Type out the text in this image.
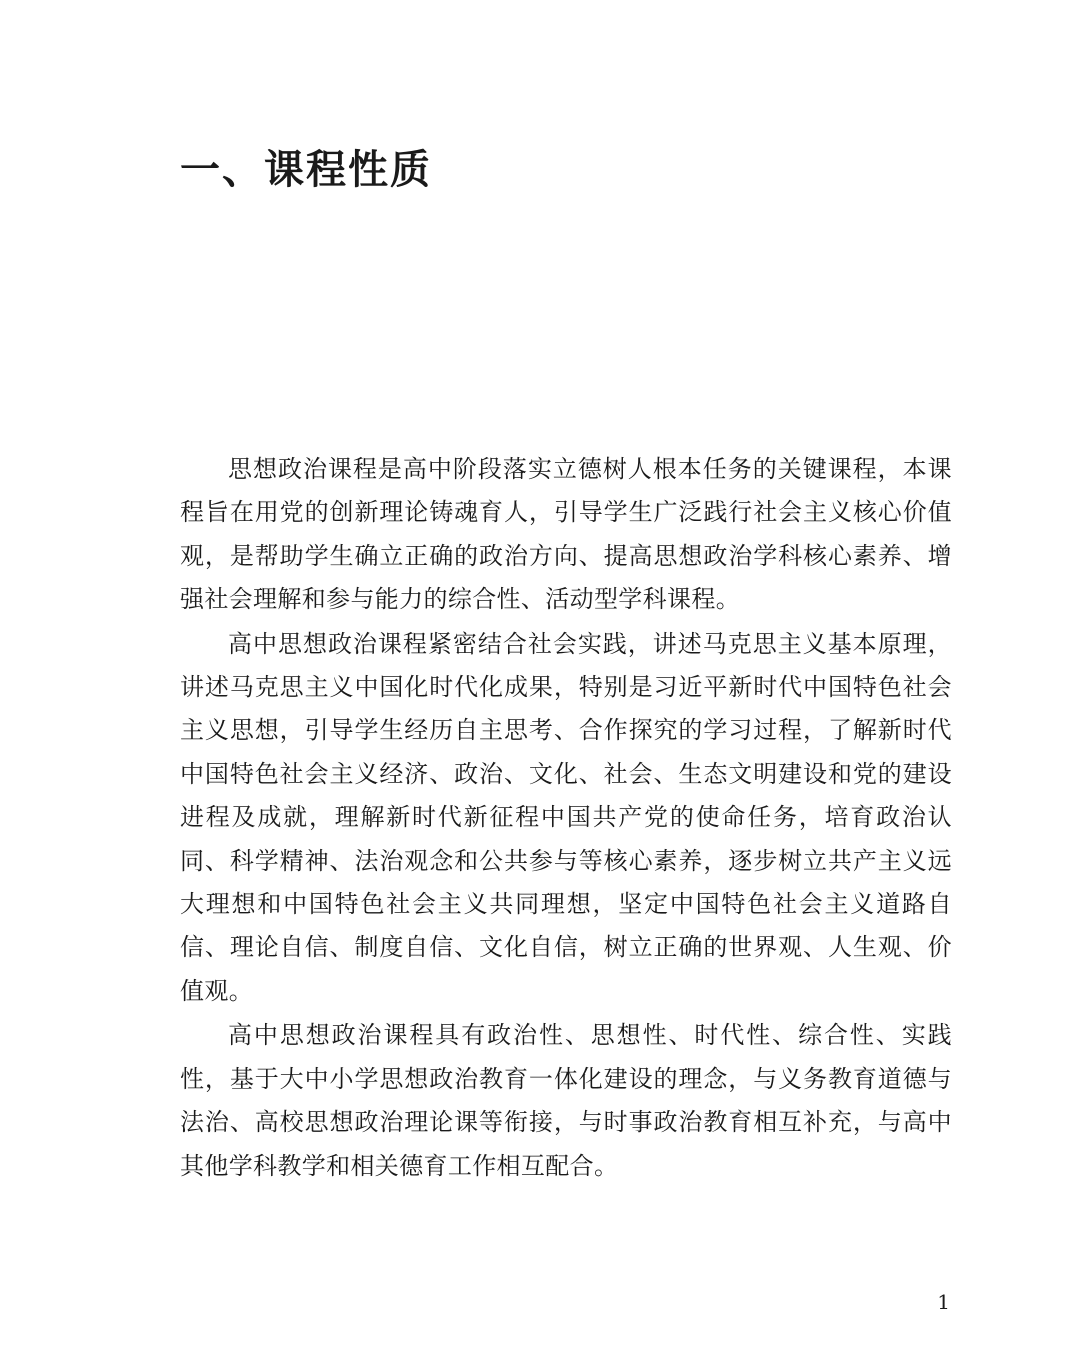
一、课程性质

思想政治课程是高中阶段落实立德树人根本任务的关键课程，本课程旨在用党的创新理论铸魂育人，引导学生广泛践行社会主义核心价值观，是帮助学生确立正确的政治方向、提高思想政治学科核心素养、增强社会理解和参与能力的综合性、活动型学科课程。

高中思想政治课程紧密结合社会实践，讲述马克思主义基本原理，讲述马克思主义中国化时代化成果，特别是习近平新时代中国特色社会主义思想，引导学生经历自主思考、合作探究的学习过程，了解新时代中国特色社会主义经济、政治、文化、社会、生态文明建设和党的建设进程及成就，理解新时代新征程中国共产党的使命任务，培育政治认同、科学精神、法治观念和公共参与等核心素养，逐步树立共产主义远大理想和中国特色社会主义共同理想，坚定中国特色社会主义道路自信、理论自信、制度自信、文化自信，树立正确的世界观、人生观、价值观。

高中思想政治课程具有政治性、思想性、时代性、综合性、实践性，基于大中小学思想政治教育一体化建设的理念，与义务教育道德与法治、高校思想政治理论课等衔接，与时事政治教育相互补充，与高中其他学科教学和相关德育工作相互配合。

1
